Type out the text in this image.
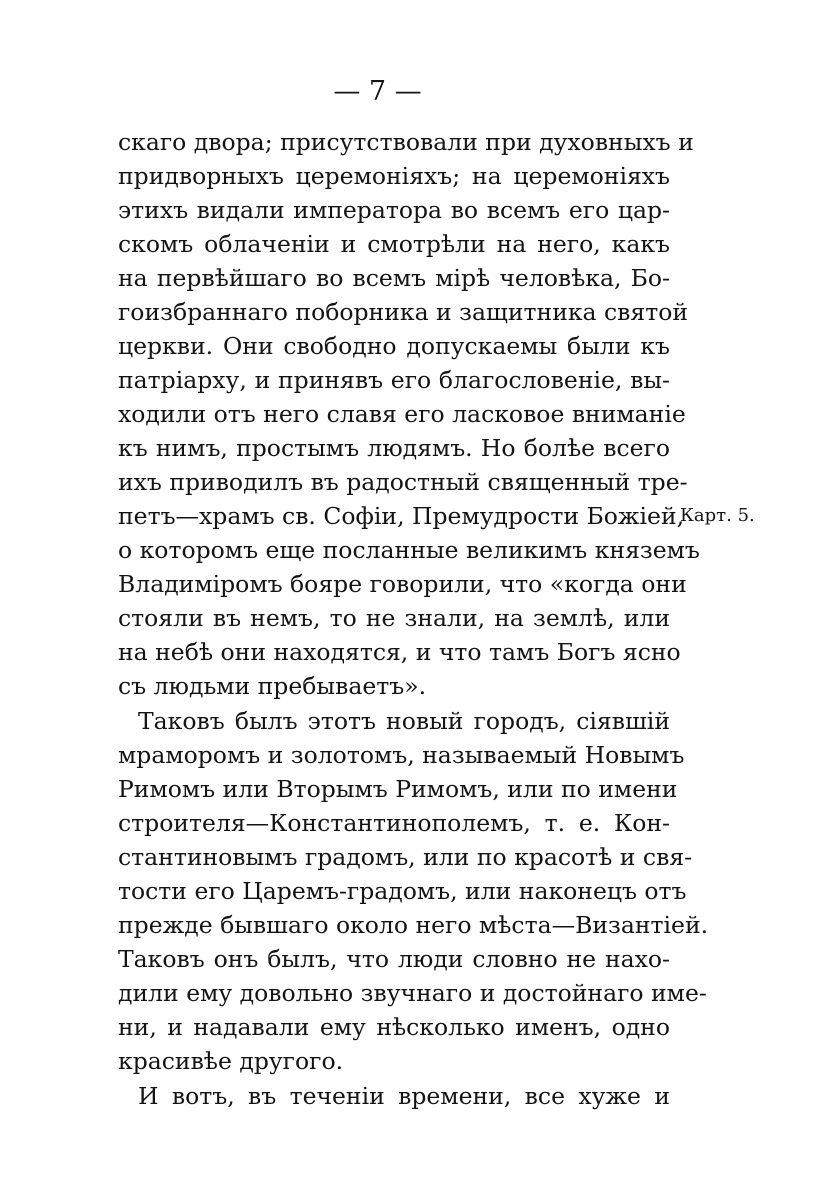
— 7 —
Карт. 5.
скаго двора; присутствовали при духовныхъ и
придворныхъ церемоніяхъ; на церемоніяхъ
этихъ видали императора во всемъ его цар-
скомъ облаченіи и смотрѣли на него, какъ
на первѣйшаго во всемъ мірѣ человѣка, Бо-
гоизбраннаго поборника и защитника святой
церкви. Они свободно допускаемы были къ
патріарху, и принявъ его благословеніе, вы-
ходили отъ него славя его ласковое вниманіе
къ нимъ, простымъ людямъ. Но болѣе всего
ихъ приводилъ въ радостный священный тре-
петъ—храмъ св. Софіи, Премудрости Божіей,
о которомъ еще посланные великимъ княземъ
Владиміромъ бояре говорили, что «когда они
стояли въ немъ, то не знали, на землѣ, или
на небѣ они находятся, и что тамъ Богъ ясно
съ людьми пребываетъ».
Таковъ былъ этотъ новый городъ, сіявшій
мраморомъ и золотомъ, называемый Новымъ
Римомъ или Вторымъ Римомъ, или по имени
строителя—Константинополемъ, т. е. Кон-
стантиновымъ градомъ, или по красотѣ и свя-
тости его Царемъ-градомъ, или наконецъ отъ
прежде бывшаго около него мѣста—Византіей.
Таковъ онъ былъ, что люди словно не нахо-
дили ему довольно звучнаго и достойнаго име-
ни, и надавали ему нѣсколько именъ, одно
красивѣе другого.
И вотъ, въ теченіи времени, все хуже и
